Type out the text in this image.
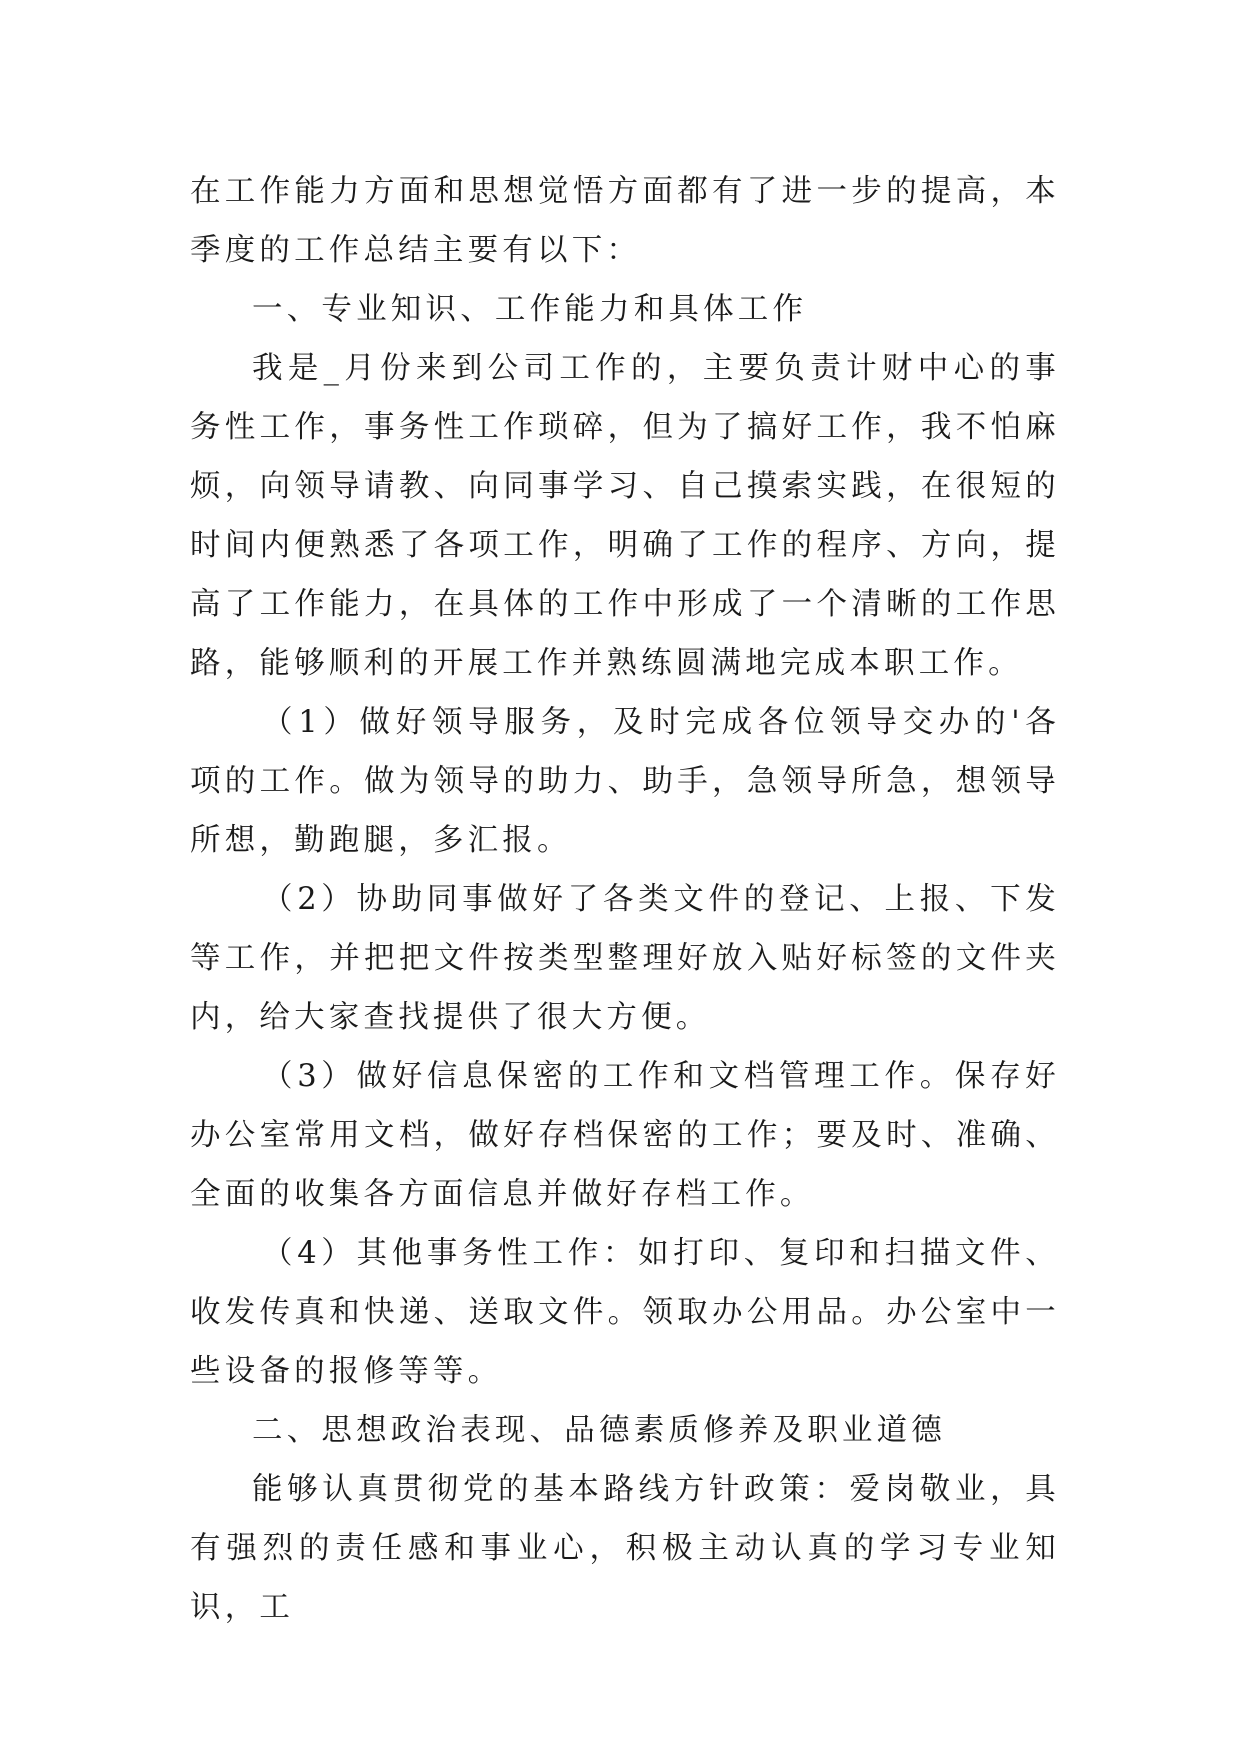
在工作能力方面和思想觉悟方面都有了进一步的提高，本季度的工作总结主要有以下：

一、专业知识、工作能力和具体工作

我是_月份来到公司工作的，主要负责计财中心的事务性工作，事务性工作琐碎，但为了搞好工作，我不怕麻烦，向领导请教、向同事学习、自己摸索实践，在很短的时间内便熟悉了各项工作，明确了工作的程序、方向，提高了工作能力，在具体的工作中形成了一个清晰的工作思路，能够顺利的开展工作并熟练圆满地完成本职工作。

（1）做好领导服务，及时完成各位领导交办的'各项的工作。做为领导的助力、助手，急领导所急，想领导所想，勤跑腿，多汇报。

（2）协助同事做好了各类文件的登记、上报、下发等工作，并把把文件按类型整理好放入贴好标签的文件夹内，给大家查找提供了很大方便。

（3）做好信息保密的工作和文档管理工作。保存好办公室常用文档，做好存档保密的工作；要及时、准确、全面的收集各方面信息并做好存档工作。

（4）其他事务性工作：如打印、复印和扫描文件、收发传真和快递、送取文件。领取办公用品。办公室中一些设备的报修等等。

二、思想政治表现、品德素质修养及职业道德

能够认真贯彻党的基本路线方针政策：爱岗敬业，具有强烈的责任感和事业心，积极主动认真的学习专业知识，工
